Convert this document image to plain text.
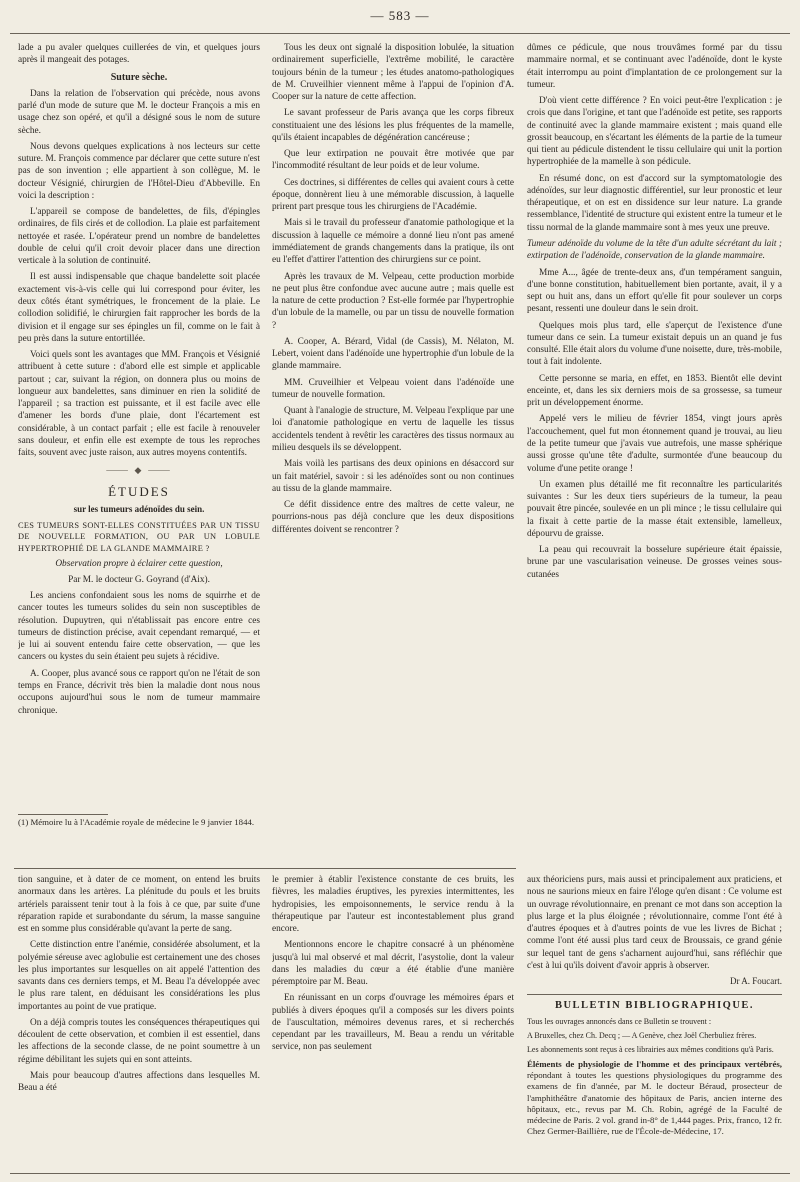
— 583 —

lade a pu avaler quelques cuillerées de vin, et quelques jours après il mangeait des potages.

Suture sèche.

Dans la relation de l'observation qui précède, nous avons parlé d'un mode de suture que M. le docteur François a mis en usage chez son opéré, et qu'il a désigné sous le nom de suture sèche.

Nous devons quelques explications à nos lecteurs sur cette suture. M. François commence par déclarer que cette suture n'est pas de son invention ; elle appartient à son collègue, M. le docteur Vésignié, chirurgien de l'Hôtel-Dieu d'Abbeville. En voici la description :

L'appareil se compose de bandelettes, de fils, d'épingles ordinaires, de fils cirés et de collodion. La plaie est parfaitement nettoyée et rasée. L'opérateur prend un nombre de bandelettes double de celui qu'il croit devoir placer dans une direction verticale à la solution de continuité.

Il est aussi indispensable que chaque bandelette soit placée exactement vis-à-vis celle qui lui correspond pour éviter, les deux côtés étant symétriques, le froncement de la plaie. Le collodion solidifié, le chirurgien fait rapprocher les bords de la division et il engage sur ses épingles un fil, comme on le fait à peu près dans la suture entortillée.

Voici quels sont les avantages que MM. François et Vésignié attribuent à cette suture : d'abord elle est simple et applicable partout ; car, suivant la région, on donnera plus ou moins de longueur aux bandelettes, sans diminuer en rien la solidité de l'appareil ; sa traction est puissante, et il est facile avec elle d'amener les bords d'une plaie, dont l'écartement est considérable, à un contact parfait ; elle est facile à renouveler sans douleur, et enfin elle est exempte de tous les reproches faits, souvent avec juste raison, aux autres moyens contentifs.

⸻ ◆ ⸻

ÉTUDES

sur les tumeurs adénoïdes du sein.

CES TUMEURS SONT-ELLES CONSTITUÉES PAR UN TISSU DE NOUVELLE FORMATION, OU PAR UN LOBULE HYPERTROPHIÉ DE LA GLANDE MAMMAIRE ?

Observation propre à éclairer cette question,

Par M. le docteur G. Goyrand (d'Aix).

Les anciens confondaient sous les noms de squirrhe et de cancer toutes les tumeurs solides du sein non susceptibles de résolution. Dupuytren, qui n'établissait pas encore entre ces tumeurs de distinction précise, avait cependant remarqué, — et je lui ai souvent entendu faire cette observation, — que les cancers ou kystes du sein étaient peu sujets à récidive.

A. Cooper, plus avancé sous ce rapport qu'on ne l'était de son temps en France, décrivit très bien la maladie dont nous nous occupons aujourd'hui sous le nom de tumeur mammaire chronique.

(1) Mémoire lu à l'Académie royale de médecine le 9 janvier 1844.

Tous les deux ont signalé la disposition lobulée, la situation ordinairement superficielle, l'extrême mobilité, le caractère toujours bénin de la tumeur ; les études anatomo-pathologiques de M. Cruveilhier viennent même à l'appui de l'opinion d'A. Cooper sur la nature de cette affection.

Le savant professeur de Paris avança que les corps fibreux constituaient une des lésions les plus fréquentes de la mamelle, qu'ils étaient incapables de dégénération cancéreuse ;

Que leur extirpation ne pouvait être motivée que par l'incommodité résultant de leur poids et de leur volume.

Ces doctrines, si différentes de celles qui avaient cours à cette époque, donnèrent lieu à une mémorable discussion, à laquelle prirent part presque tous les chirurgiens de l'Académie.

Mais si le travail du professeur d'anatomie pathologique et la discussion à laquelle ce mémoire a donné lieu n'ont pas amené immédiatement de grands changements dans la pratique, ils ont eu l'effet d'attirer l'attention des chirurgiens sur ce point.

Après les travaux de M. Velpeau, cette production morbide ne peut plus être confondue avec aucune autre ; mais quelle est la nature de cette production ? Est-elle formée par l'hypertrophie d'un lobule de la mamelle, ou par un tissu de nouvelle formation ?

A. Cooper, A. Bérard, Vidal (de Cassis), M. Nélaton, M. Lebert, voient dans l'adénoïde une hypertrophie d'un lobule de la glande mammaire.

MM. Cruveilhier et Velpeau voient dans l'adénoïde une tumeur de nouvelle formation.

Quant à l'analogie de structure, M. Velpeau l'explique par une loi d'anatomie pathologique en vertu de laquelle les tissus accidentels tendent à revêtir les caractères des tissus normaux au milieu desquels ils se développent.

Mais voilà les partisans des deux opinions en désaccord sur un fait matériel, savoir : si les adénoïdes sont ou non continues au tissu de la glande mammaire.

Ce défit dissidence entre des maîtres de cette valeur, ne pourrions-nous pas déjà conclure que les deux dispositions différentes doivent se rencontrer ?

dûmes ce pédicule, que nous trouvâmes formé par du tissu mammaire normal, et se continuant avec l'adénoïde, dont le kyste était interrompu au point d'implantation de ce prolongement sur la tumeur.

D'où vient cette différence ? En voici peut-être l'explication : je crois que dans l'origine, et tant que l'adénoïde est petite, ses rapports de continuité avec la glande mammaire existent ; mais quand elle grossit beaucoup, en s'écartant les éléments de la partie de la tumeur qui tient au pédicule distendent le tissu cellulaire qui unit la portion hypertrophiée de la mamelle à son pédicule.

En résumé donc, on est d'accord sur la symptomatologie des adénoïdes, sur leur diagnostic différentiel, sur leur pronostic et leur thérapeutique, et on est en dissidence sur leur nature. La grande ressemblance, l'identité de structure qui existent entre la tumeur et le tissu normal de la glande mammaire sont à mes yeux une preuve.

Tumeur adénoïde du volume de la tête d'un adulte sécrétant du lait ; extirpation de l'adénoïde, conservation de la glande mammaire.

Mme A..., âgée de trente-deux ans, d'un tempérament sanguin, d'une bonne constitution, habituellement bien portante, avait, il y a sept ou huit ans, dans un effort qu'elle fit pour soulever un corps pesant, ressenti une douleur dans le sein droit.

Quelques mois plus tard, elle s'aperçut de l'existence d'une tumeur dans ce sein. La tumeur existait depuis un an quand je fus consulté. Elle était alors du volume d'une noisette, dure, très-mobile, tout à fait indolente.

Cette personne se maria, en effet, en 1853. Bientôt elle devint enceinte, et, dans les six derniers mois de sa grossesse, sa tumeur prit un développement énorme.

Appelé vers le milieu de février 1854, vingt jours après l'accouchement, quel fut mon étonnement quand je trouvai, au lieu de la petite tumeur que j'avais vue autrefois, une masse sphérique aussi grosse qu'une tête d'adulte, surmontée d'une beaucoup du volume d'une petite orange !

Un examen plus détaillé me fit reconnaître les particularités suivantes : Sur les deux tiers supérieurs de la tumeur, la peau pouvait être pincée, soulevée en un pli mince ; le tissu cellulaire qui la fixait à cette partie de la masse était extensible, lamelleux, dépourvu de graisse.

La peau qui recouvrait la bosselure supérieure était épaissie, brune par une vascularisation veineuse. De grosses veines sous-cutanées

tion sanguine, et à dater de ce moment, on entend les bruits anormaux dans les artères. La plénitude du pouls et les bruits artériels paraissent tenir tout à la fois à ce que, par suite d'une réparation rapide et surabondante du sérum, la masse sanguine est en somme plus considérable qu'avant la perte de sang.

Cette distinction entre l'anémie, considérée absolument, et la polyémie séreuse avec aglobulie est certainement une des choses les plus importantes sur lesquelles on ait appelé l'attention des savants dans ces derniers temps, et M. Beau l'a développée avec le plus rare talent, en déduisant les considérations les plus importantes au point de vue pratique.

On a déjà compris toutes les conséquences thérapeutiques qui découlent de cette observation, et combien il est essentiel, dans les affections de la seconde classe, de ne point soumettre à un régime débilitant les sujets qui en sont atteints.

Mais pour beaucoup d'autres affections dans lesquelles M. Beau a été

le premier à établir l'existence constante de ces bruits, les fièvres, les maladies éruptives, les pyrexies intermittentes, les hydropisies, les empoisonnements, le service rendu à la thérapeutique par l'auteur est incontestablement plus grand encore.

Mentionnons encore le chapitre consacré à un phénomène jusqu'à lui mal observé et mal décrit, l'asystolie, dont la valeur dans les maladies du cœur a été établie d'une manière péremptoire par M. Beau.

En réunissant en un corps d'ouvrage les mémoires épars et publiés à divers époques qu'il a composés sur les divers points de l'auscultation, mémoires devenus rares, et si recherchés cependant par les travailleurs, M. Beau a rendu un véritable service, non pas seulement

aux théoriciens purs, mais aussi et principalement aux praticiens, et nous ne saurions mieux en faire l'éloge qu'en disant : Ce volume est un ouvrage révolutionnaire, en prenant ce mot dans son acception la plus large et la plus éloignée ; révolutionnaire, comme l'ont été à d'autres époques et à d'autres points de vue les livres de Bichat ; comme l'ont été aussi plus tard ceux de Broussais, ce grand génie sur lequel tant de gens s'acharnent aujourd'hui, sans réfléchir que c'est à lui qu'ils doivent d'avoir appris à observer.

Dr A. Foucart.

BULLETIN BIBLIOGRAPHIQUE.

Tous les ouvrages annoncés dans ce Bulletin se trouvent :

A Bruxelles, chez Ch. Decq ; — A Genève, chez Joël Cherbuliez frères.

Les abonnements sont reçus à ces librairies aux mêmes conditions qu'à Paris.

Éléments de physiologie de l'homme et des principaux vertébrés, répondant à toutes les questions physiologiques du programme des examens de fin d'année, par M. le docteur Béraud, prosecteur de l'amphithéâtre d'anatomie des hôpitaux de Paris, ancien interne des hôpitaux, etc., revus par M. Ch. Robin, agrégé de la Faculté de médecine de Paris. 2 vol. grand in-8° de 1,444 pages. Prix, franco, 12 fr. Chez Germer-Baillière, rue de l'École-de-Médecine, 17.
